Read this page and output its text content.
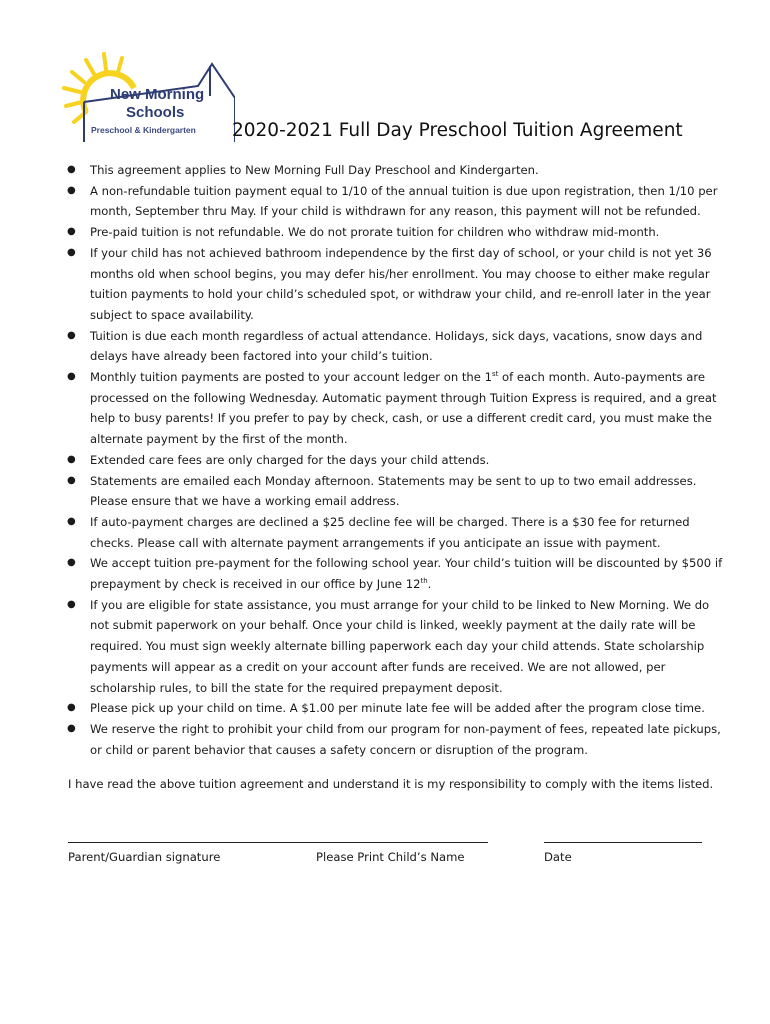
New Morning
Schools
Preschool & Kindergarten 2020-2021 Full Day Preschool Tuition Agreement
● This agreement applies to New Morning Full Day Preschool and Kindergarten.
● A non-refundable tuition payment equal to 1/10 of the annual tuition is due upon registration, then 1/10 per month, September thru May. If your child is withdrawn for any reason, this payment will not be refunded.
● Pre-paid tuition is not refundable. We do not prorate tuition for children who withdraw mid-month.
● If your child has not achieved bathroom independence by the first day of school, or your child is not yet 36 months old when school begins, you may defer his/her enrollment. You may choose to either make regular tuition payments to hold your child’s scheduled spot, or withdraw your child, and re-enroll later in the year subject to space availability.
● Tuition is due each month regardless of actual attendance. Holidays, sick days, vacations, snow days and delays have already been factored into your child’s tuition.
● Monthly tuition payments are posted to your account ledger on the 1st of each month. Auto-payments are processed on the following Wednesday. Automatic payment through Tuition Express is required, and a great help to busy parents! If you prefer to pay by check, cash, or use a different credit card, you must make the alternate payment by the first of the month.
● Extended care fees are only charged for the days your child attends.
● Statements are emailed each Monday afternoon. Statements may be sent to up to two email addresses. Please ensure that we have a working email address.
● If auto-payment charges are declined a $25 decline fee will be charged. There is a $30 fee for returned checks. Please call with alternate payment arrangements if you anticipate an issue with payment.
● We accept tuition pre-payment for the following school year. Your child’s tuition will be discounted by $500 if prepayment by check is received in our office by June 12th.
● If you are eligible for state assistance, you must arrange for your child to be linked to New Morning. We do not submit paperwork on your behalf. Once your child is linked, weekly payment at the daily rate will be required. You must sign weekly alternate billing paperwork each day your child attends. State scholarship payments will appear as a credit on your account after funds are received. We are not allowed, per scholarship rules, to bill the state for the required prepayment deposit.
● Please pick up your child on time. A $1.00 per minute late fee will be added after the program close time.
● We reserve the right to prohibit your child from our program for non-payment of fees, repeated late pickups, or child or parent behavior that causes a safety concern or disruption of the program.
I have read the above tuition agreement and understand it is my responsibility to comply with the items listed.
Parent/Guardian signature	Please Print Child’s Name	Date
